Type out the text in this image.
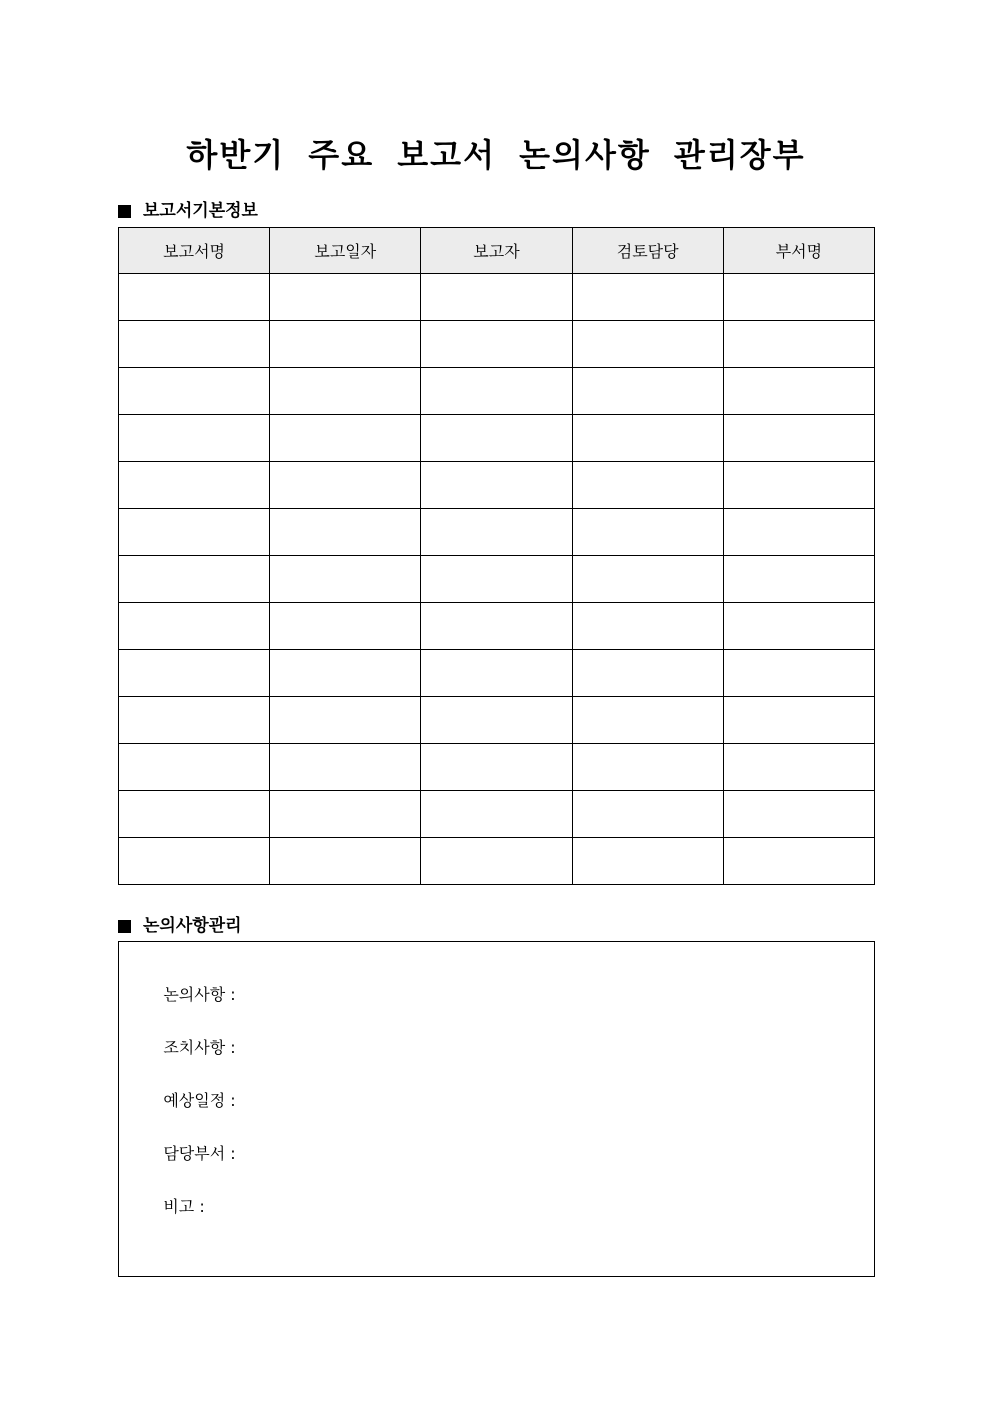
하반기 주요 보고서 논의사항 관리장부
보고서기본정보
보고서명	보고일자	보고자	검토담당	부서명

논의사항관리

논의사항 :

조치사항 :

예상일정 :

담당부서 :

비고 :
